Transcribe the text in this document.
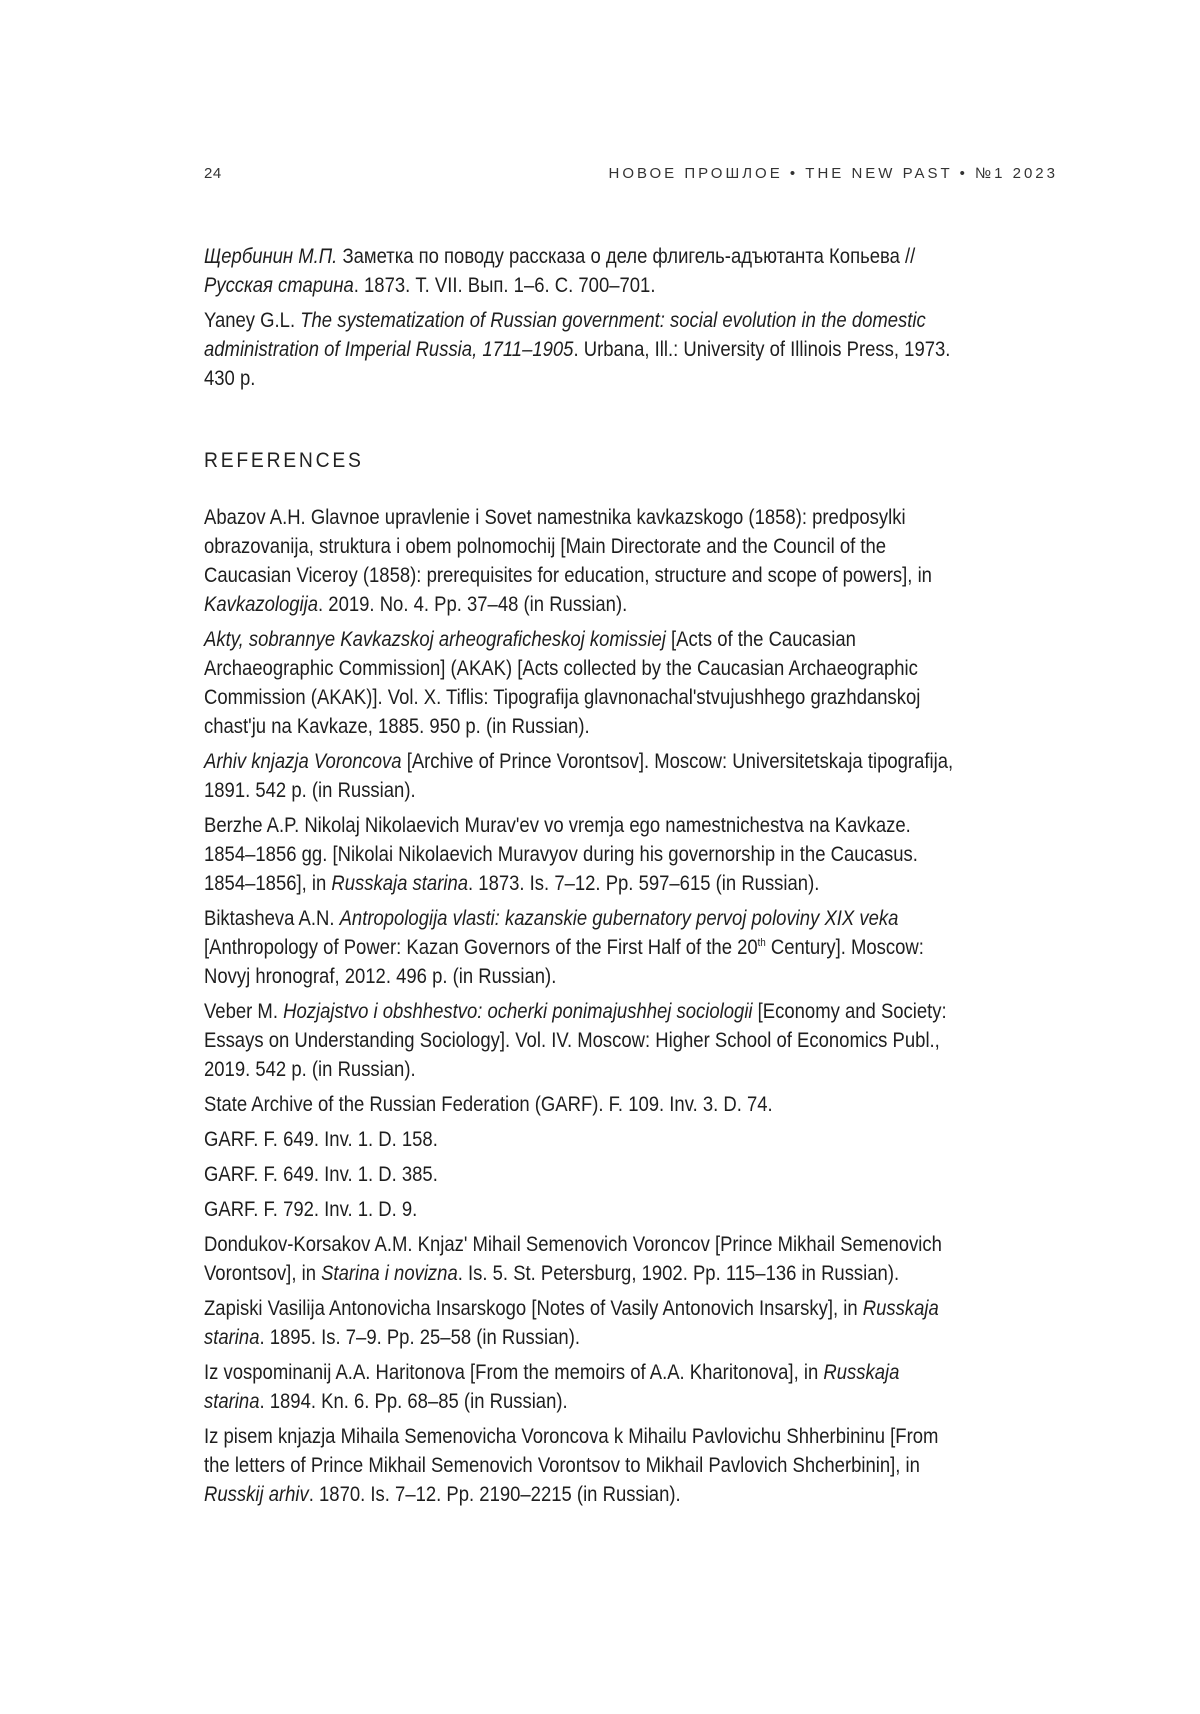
24	НОВОЕ ПРОШЛОЕ • THE NEW PAST • №1 2023

Щербинин М.П. Заметка по поводу рассказа о деле флигель-адъютанта Копьева // Русская старина. 1873. Т. VII. Вып. 1–6. С. 700–701.

Yaney G.L. The systematization of Russian government: social evolution in the domestic administration of Imperial Russia, 1711–1905. Urbana, Ill.: University of Illinois Press, 1973. 430 p.

REFERENCES

Abazov A.H. Glavnoe upravlenie i Sovet namestnika kavkazskogo (1858): predposylki obrazovanija, struktura i obem polnomochij [Main Directorate and the Council of the Caucasian Viceroy (1858): prerequisites for education, structure and scope of powers], in Kavkazologija. 2019. No. 4. Pp. 37–48 (in Russian).

Akty, sobrannye Kavkazskoj arheograficheskoj komissiej [Acts of the Caucasian Archaeographic Commission] (AKAK) [Acts collected by the Caucasian Archaeographic Commission (AKAK)]. Vol. X. Tiflis: Tipografija glavnonachal'stvujushhego grazhdanskoj chast'ju na Kavkaze, 1885. 950 p. (in Russian).

Arhiv knjazja Voroncova [Archive of Prince Vorontsov]. Moscow: Universitetskaja tipografija, 1891. 542 p. (in Russian).

Berzhe A.P. Nikolaj Nikolaevich Murav'ev vo vremja ego namestnichestva na Kavkaze. 1854–1856 gg. [Nikolai Nikolaevich Muravyov during his governorship in the Caucasus. 1854–1856], in Russkaja starina. 1873. Is. 7–12. Pp. 597–615 (in Russian).

Biktasheva A.N. Antropologija vlasti: kazanskie gubernatory pervoj poloviny XIX veka [Anthropology of Power: Kazan Governors of the First Half of the 20th Century]. Moscow: Novyj hronograf, 2012. 496 p. (in Russian).

Veber M. Hozjajstvo i obshhestvo: ocherki ponimajushhej sociologii [Economy and Society: Essays on Understanding Sociology]. Vol. IV. Moscow: Higher School of Economics Publ., 2019. 542 p. (in Russian).

State Archive of the Russian Federation (GARF). F. 109. Inv. 3. D. 74.

GARF. F. 649. Inv. 1. D. 158.

GARF. F. 649. Inv. 1. D. 385.

GARF. F. 792. Inv. 1. D. 9.

Dondukov-Korsakov A.M. Knjaz' Mihail Semenovich Voroncov [Prince Mikhail Semenovich Vorontsov], in Starina i novizna. Is. 5. St. Petersburg, 1902. Pp. 115–136 in Russian).

Zapiski Vasilija Antonovicha Insarskogo [Notes of Vasily Antonovich Insarsky], in Russkaja starina. 1895. Is. 7–9. Pp. 25–58 (in Russian).

Iz vospominanij A.A. Haritonova [From the memoirs of A.A. Kharitonova], in Russkaja starina. 1894. Kn. 6. Pp. 68–85 (in Russian).

Iz pisem knjazja Mihaila Semenovicha Voroncova k Mihailu Pavlovichu Shherbininu [From the letters of Prince Mikhail Semenovich Vorontsov to Mikhail Pavlovich Shcherbinin], in Russkij arhiv. 1870. Is. 7–12. Pp. 2190–2215 (in Russian).
